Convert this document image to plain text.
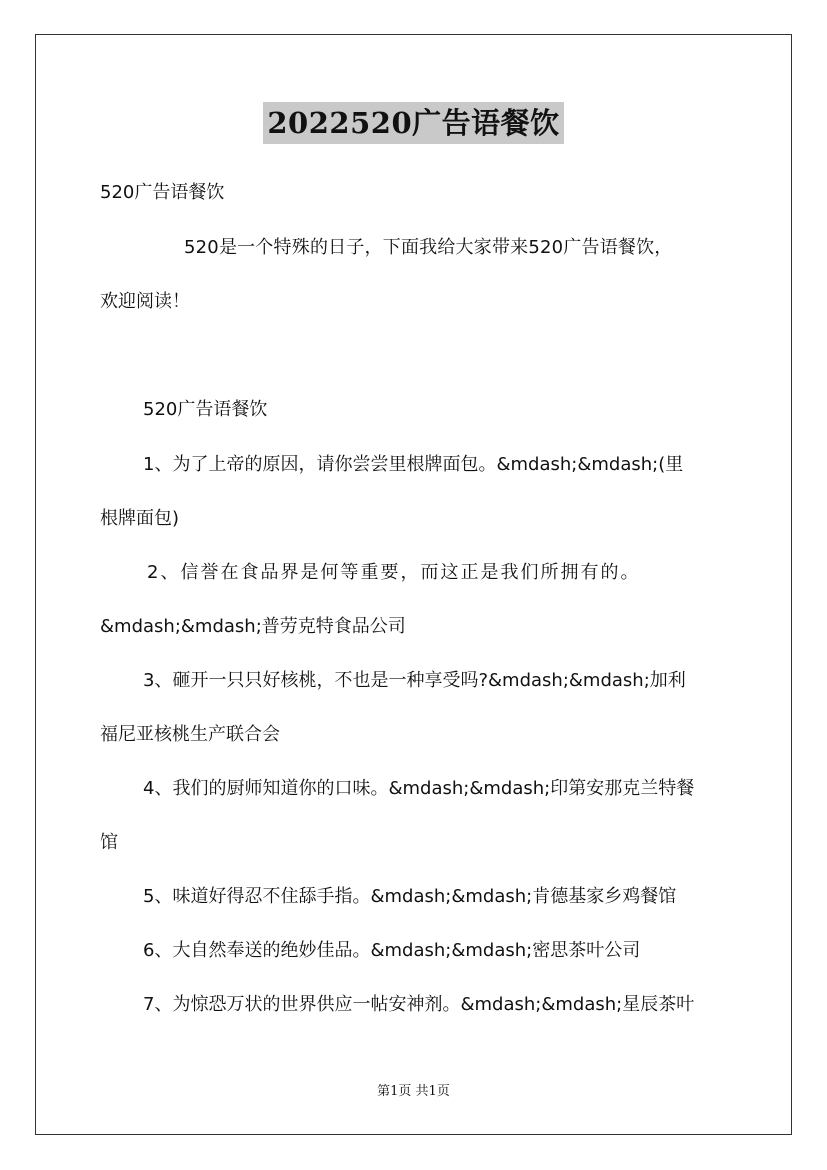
2022520广告语餐饮
520广告语餐饮
520是一个特殊的日子，下面我给大家带来520广告语餐饮，
欢迎阅读！
520广告语餐饮
1、为了上帝的原因，请你尝尝里根牌面包。&mdash;&mdash;(里
根牌面包)
2、信誉在食品界是何等重要，而这正是我们所拥有的。
&mdash;&mdash;普劳克特食品公司
3、砸开一只只好核桃，不也是一种享受吗?&mdash;&mdash;加利
福尼亚核桃生产联合会
4、我们的厨师知道你的口味。&mdash;&mdash;印第安那克兰特餐
馆
5、味道好得忍不住舔手指。&mdash;&mdash;肯德基家乡鸡餐馆
6、大自然奉送的绝妙佳品。&mdash;&mdash;密思茶叶公司
7、为惊恐万状的世界供应一帖安神剂。&mdash;&mdash;星辰茶叶
第1页 共1页
